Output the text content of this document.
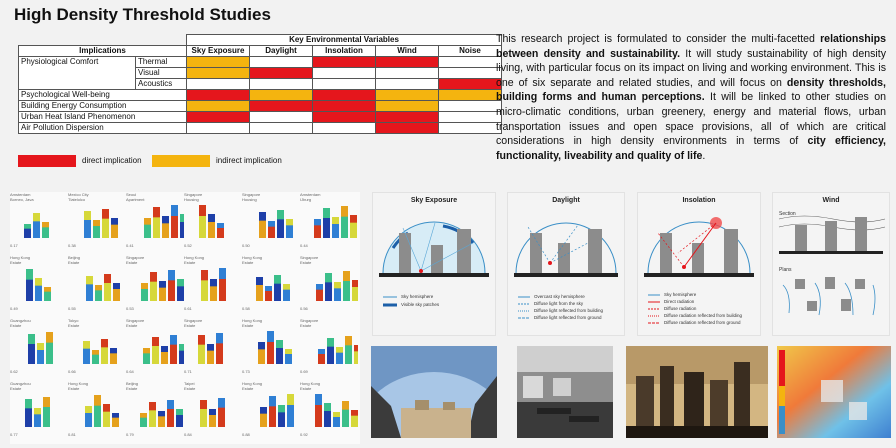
High Density Threshold Studies
		Key Environmental Variables				
Implications		Sky Exposure	Daylight	Insolation	Wind	Noise
Physiological Comfort	Thermal					
	Visual					
	Acoustics					
Psychological Well-being						
Building Energy Consumption						
Urban Heat Island Phenomenon						
Air Pollution Dispersion						
direct implication	indirect implication
This research project is formulated to consider the multi-facetted relationships between density and sustainability. It will study sustainability of high density living, with particular focus on its impact on living and working environment. This is one of six separate and related studies, and will focus on density thresholds, building forms and human perceptions. It will be linked to other studies on micro-climatic conditions, urban greenery, energy and material flows, urban transportation issues and open space provisions, all of which are critical considerations in high density environments in terms of city efficiency, functionality, liveability and quality of life.
Amsterdam
Borneo, Java
0.17
Mexico City
Tlatelolco
0.38
Seoul
Apartment
0.41
Singapore
Housing
0.52
Singapore
Housing
0.50
Amsterdam
IJburg
0.44
Hong Kong
Estate
0.49
Beijing
Estate
0.55
Singapore
Estate
0.53
Hong Kong
Estate
0.61
Hong Kong
Estate
0.58
Singapore
Estate
0.56
Guangzhou
Estate
0.62
Tokyo
Estate
0.66
Singapore
Estate
0.64
Singapore
Estate
0.71
Hong Kong
Estate
0.73
Singapore
Estate
0.69
Guangzhou
Estate
0.77
Hong Kong
Estate
0.81
Beijing
Estate
0.79
Taipei
Estate
0.84
Hong Kong
Estate
0.88
Hong Kong
Estate
0.92
Sky Exposure
Sky hemisphere
Visible sky patches
Daylight
Overcast sky hemisphere
Diffuse light from the sky
Diffuse light reflected from building
Diffuse light reflected from ground
Insolation
Sky hemisphere
Direct radiation
Diffuse radiation
Diffuse radiation reflected from building
Diffuse radiation reflected from ground
Wind
Section
Plans
